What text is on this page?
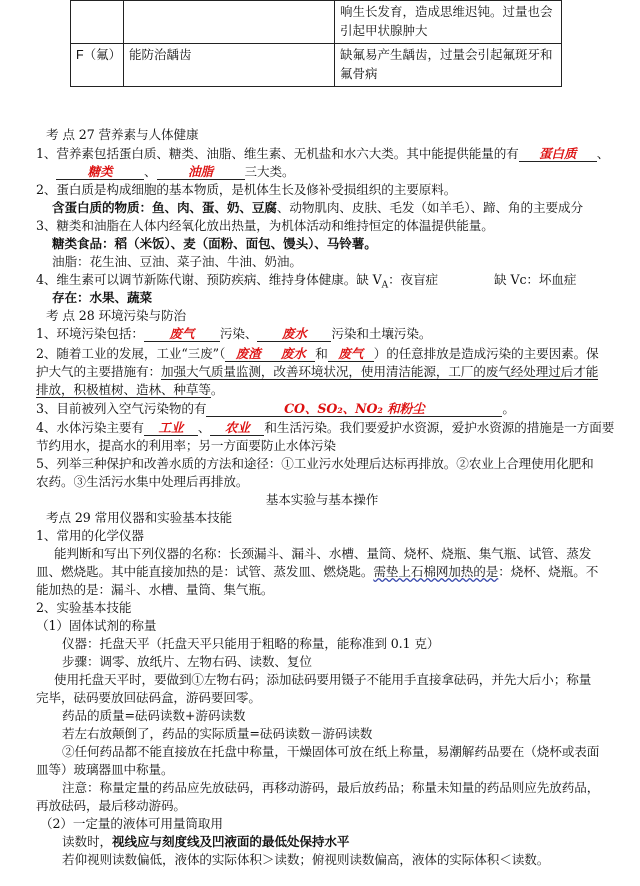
		响生长发育，造成思维迟钝。过量也会
引起甲状腺肿大
F（氟）	能防治龋齿	缺氟易产生龋齿，过量会引起氟斑牙和
氟骨病
考 点 27 营养素与人体健康
1、营养素包括蛋白质、糖类、油脂、维生素、无机盐和水六大类。其中能提供能量的有 蛋白质 、
糖类	、	油脂	三大类。
2、蛋白质是构成细胞的基本物质，是机体生长及修补受损组织的主要原料。
含蛋白质的物质：鱼、肉、蛋、奶、豆腐、动物肌肉、皮肤、毛发（如羊毛）、蹄、角的主要成分
3、糖类和油脂在人体内经氧化放出热量，为机体活动和维持恒定的体温提供能量。
糖类食品：稻（米饭）、麦（面粉、面包、馒头）、马铃薯。
油脂：花生油、豆油、菜子油、牛油、奶油。
4、维生素可以调节新陈代谢、预防疾病、维持身体健康。缺 $V_A$：夜盲症	缺 Vc：坏血症
存在：水果、蔬菜
考 点 28 环境污染与防治
1、环境污染包括： 废气 污染、 废水 污染和土壤污染。
2、随着工业的发展，工业“三废”（ 废渣 废水 和 废气 ）的任意排放是造成污染的主要因素。保
护大气的主要措施有：加强大气质量监测，改善环境状况，使用清洁能源，工厂的废气经处理过后才能
排放，积极植树、造林、种草等。
3、目前被列入空气污染物的有	CO、SO₂、NO₂ 和粉尘	。
4、水体污染主要有 工业 、 农业 和生活污染。我们要爱护水资源，爱护水资源的措施是一方面要
节约用水，提高水的利用率；另一方面要防止水体污染
5、列举三种保护和改善水质的方法和途径：①工业污水处理后达标再排放。②农业上合理使用化肥和
农药。③生活污水集中处理后再排放。
基本实验与基本操作
考点 29 常用仪器和实验基本技能
1、常用的化学仪器
能判断和写出下列仪器的名称：长颈漏斗、漏斗、水槽、量筒、烧杯、烧瓶、集气瓶、试管、蒸发
皿、燃烧匙。其中能直接加热的是：试管、蒸发皿、燃烧匙。需垫上石棉网加热的是：烧杯、烧瓶。不
能加热的是：漏斗、水槽、量筒、集气瓶。
2、实验基本技能
（1）固体试剂的称量
仪器：托盘天平（托盘天平只能用于粗略的称量，能称准到 0.1 克）
步骤：调零、放纸片、左物右码、读数、复位
使用托盘天平时，要做到①左物右码；添加砝码要用镊子不能用手直接拿砝码，并先大后小；称量
完毕，砝码要放回砝码盒，游码要回零。
药品的质量=砝码读数+游码读数
若左右放颠倒了，药品的实际质量=砝码读数－游码读数
②任何药品都不能直接放在托盘中称量，干燥固体可放在纸上称量，易潮解药品要在（烧杯或表面
皿等）玻璃器皿中称量。
注意：称量定量的药品应先放砝码，再移动游码，最后放药品；称量未知量的药品则应先放药品，
再放砝码，最后移动游码。
（2）一定量的液体可用量筒取用
读数时，视线应与刻度线及凹液面的最低处保持水平
若仰视则读数偏低，液体的实际体积＞读数；俯视则读数偏高，液体的实际体积＜读数。
